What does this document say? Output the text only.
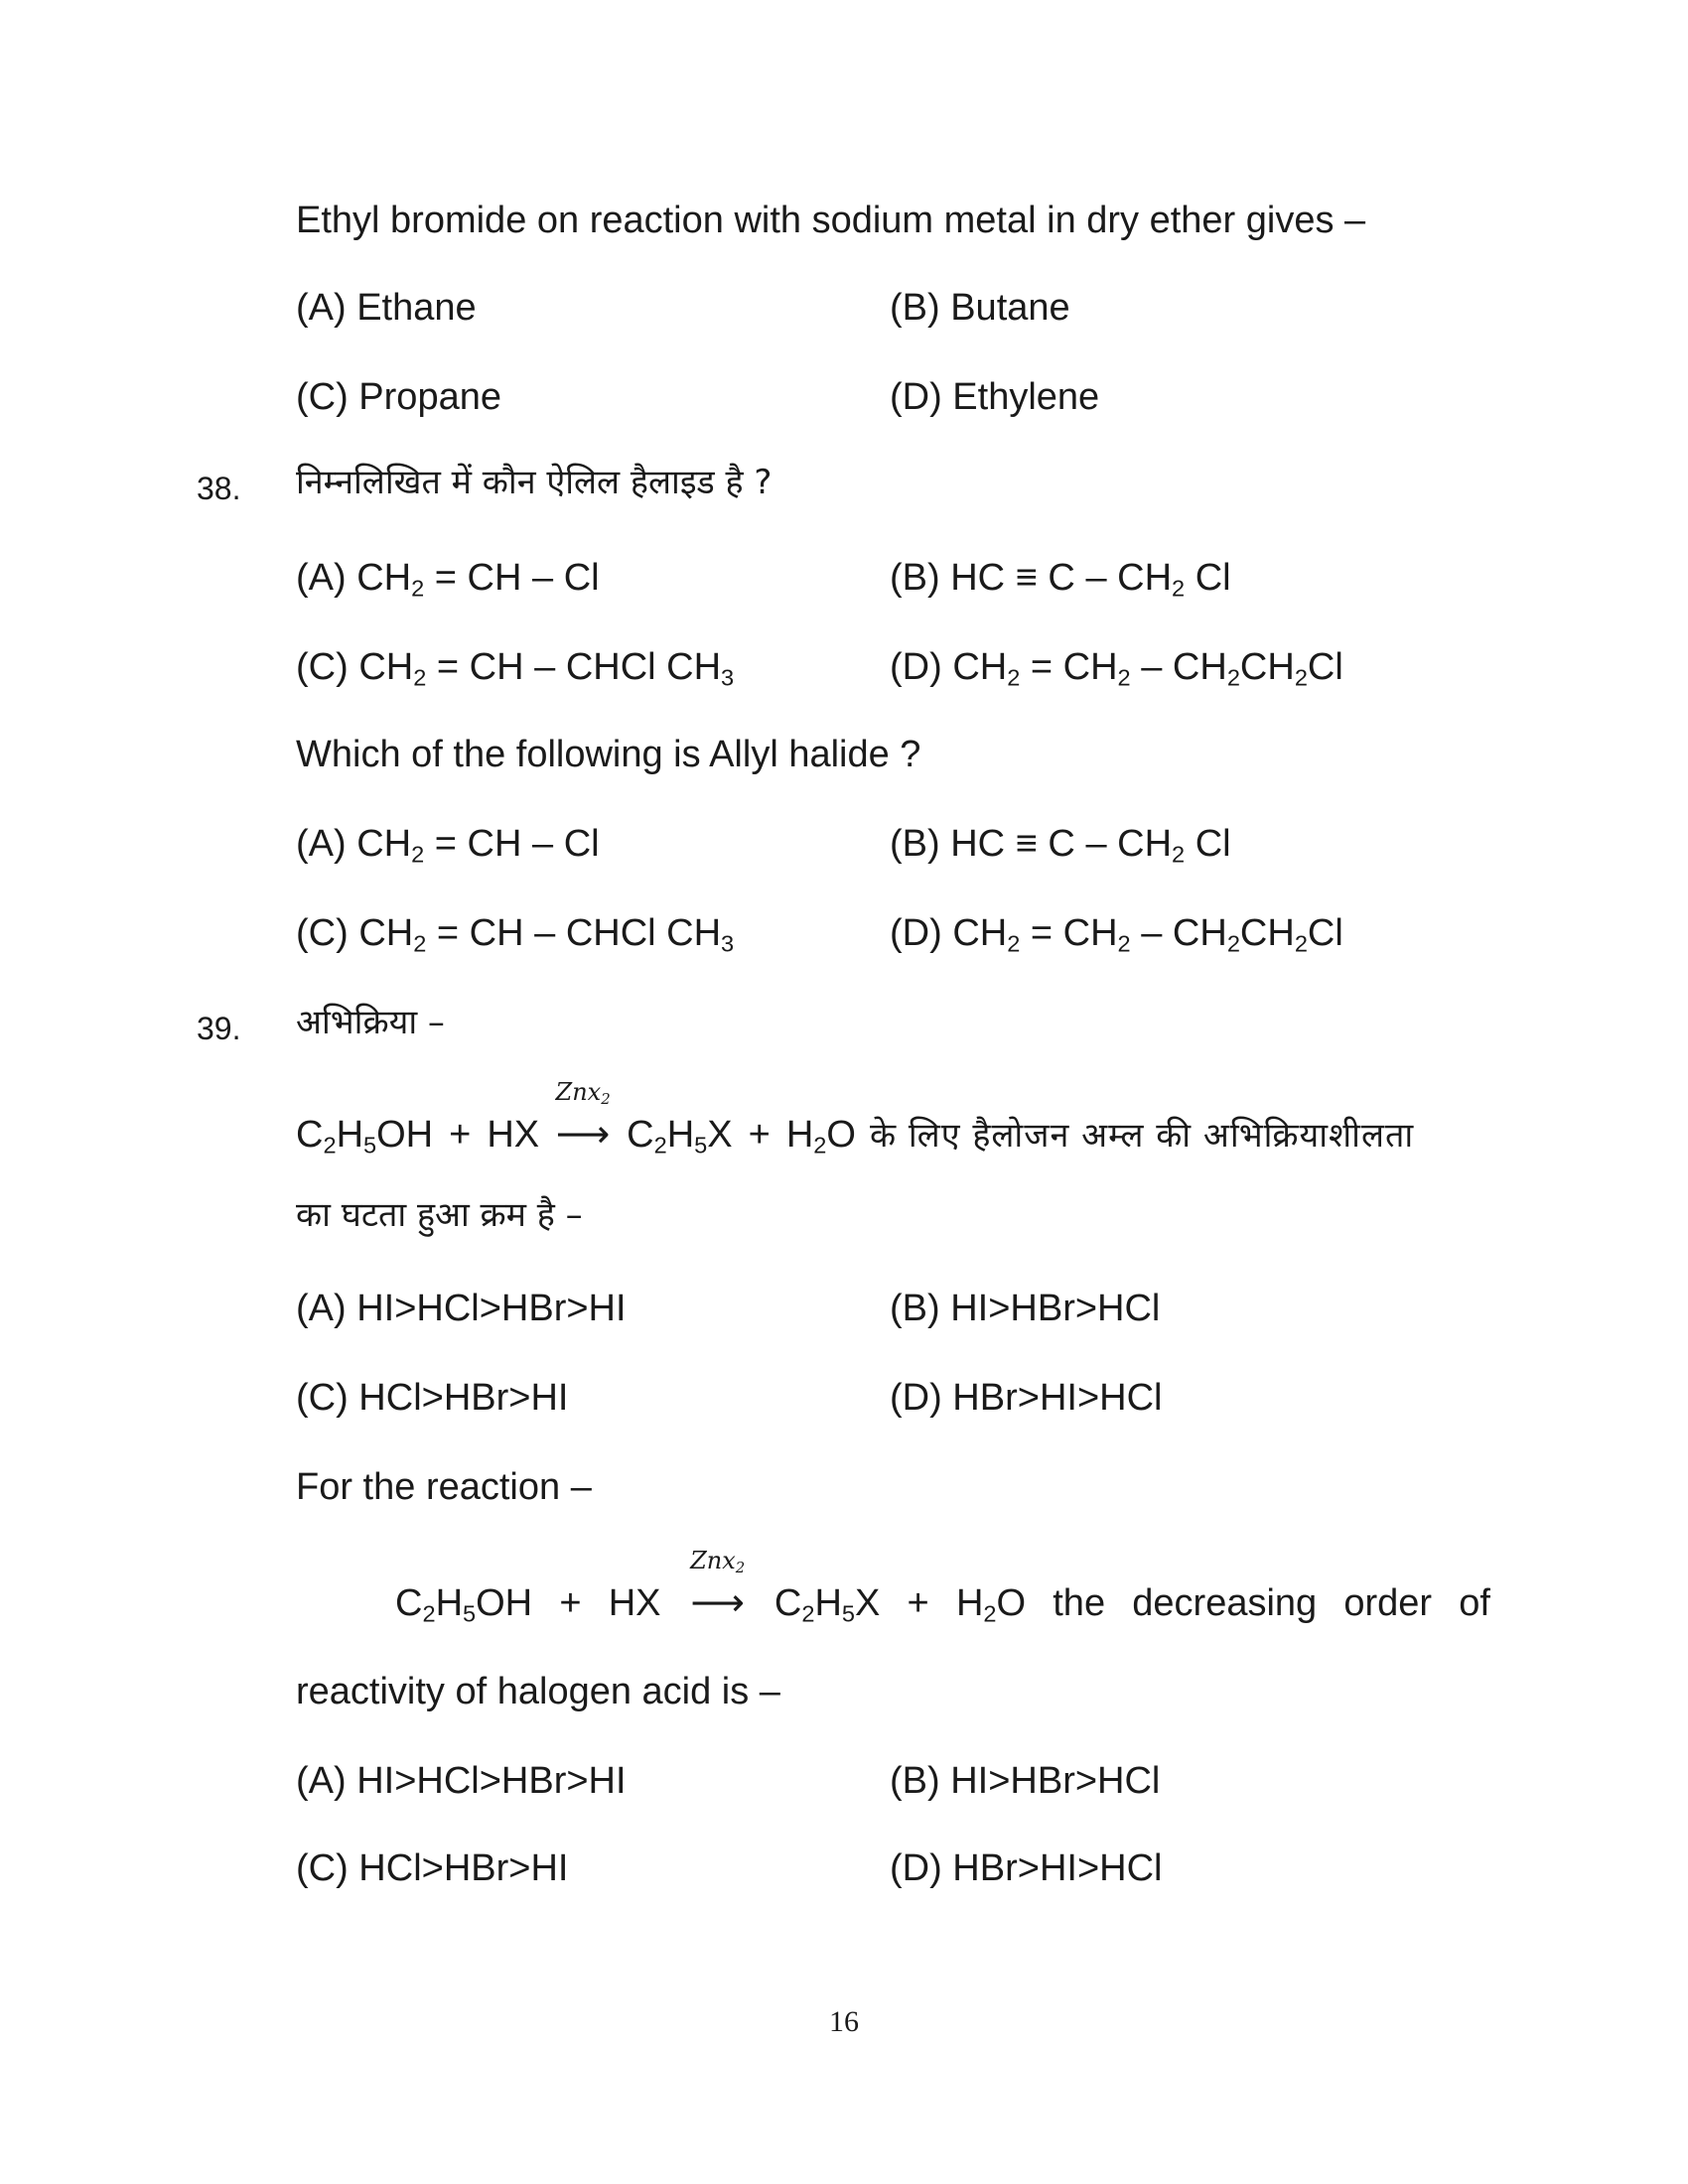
Ethyl bromide on reaction with sodium metal in dry ether gives –
(A) Ethane	(B) Butane
(C) Propane	(D) Ethylene
38. निम्नलिखित में कौन ऐलिल हैलाइड है ?
(A) $CH_2$ = CH – Cl	(B) HC ≡ C – $CH_2$ Cl
(C) $CH_2$ = CH – CHCl $CH_3$	(D) $CH_2 = CH_2 - CH_2CH_2Cl$
Which of the following is Allyl halide ?
(A) $CH_2$ = CH – Cl	(B) HC ≡ C – $CH_2$ Cl
(C) $CH_2$ = CH – CHCl $CH_3$	(D) $CH_2 = CH_2 - CH_2CH_2Cl$
39. अभिक्रिया –
$C_2H_5OH$ + HX
Znx$_2$
⟶ $C_2H_5X + H_2O$ के लिए हैलोजन अम्ल की अभिक्रियाशीलता
का घटता हुआ क्रम है –
(A) HI>HCl>HBr>HI	(B) HI>HBr>HCl
(C) HCl>HBr>HI	(D) HBr>HI>HCl
For the reaction –
$C_2H_5OH$ + HX
Znx$_2$
⟶ $C_2H_5X + H_2O$ the decreasing order of
reactivity of halogen acid is –
(A) HI>HCl>HBr>HI	(B) HI>HBr>HCl
(C) HCl>HBr>HI	(D) HBr>HI>HCl
16
